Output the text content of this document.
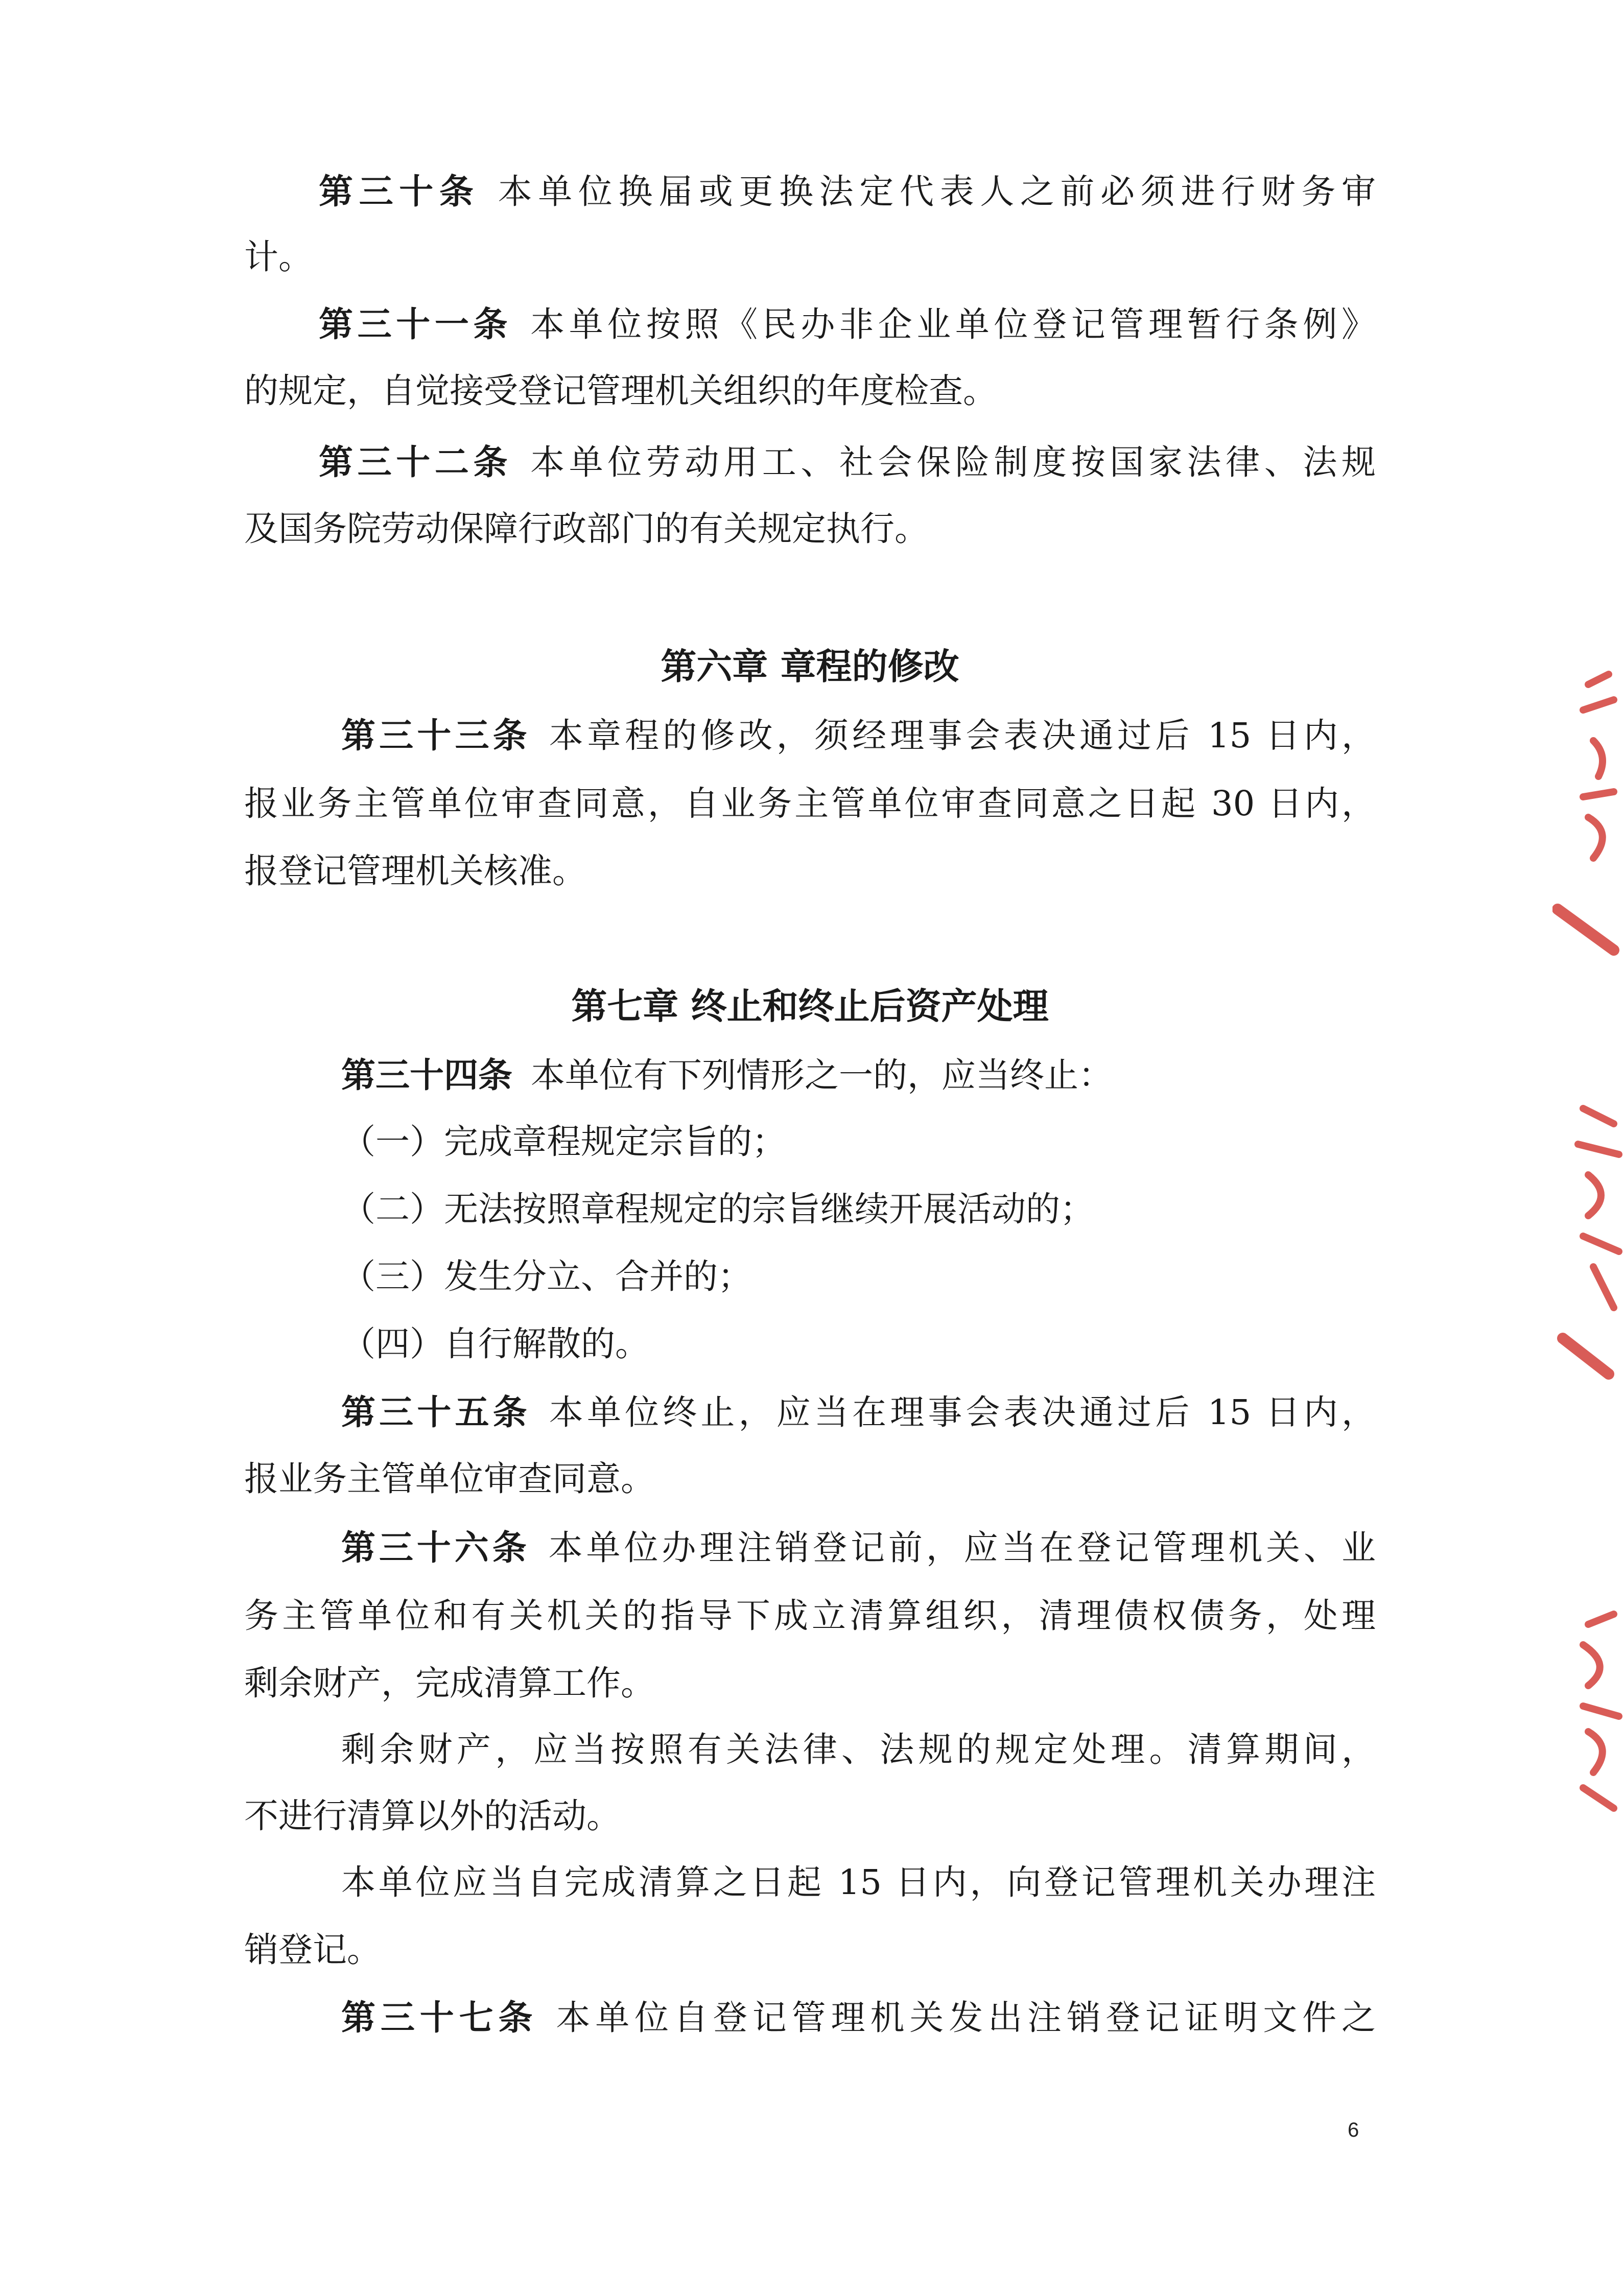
第三十条 本单位换届或更换法定代表人之前必须进行财务审
计。
第三十一条 本单位按照《民办非企业单位登记管理暂行条例》
的规定，自觉接受登记管理机关组织的年度检查。
第三十二条 本单位劳动用工、社会保险制度按国家法律、法规
及国务院劳动保障行政部门的有关规定执行。
第六章 章程的修改
第三十三条 本章程的修改，须经理事会表决通过后 15 日内，
报业务主管单位审查同意，自业务主管单位审查同意之日起 30 日内，
报登记管理机关核准。
第七章 终止和终止后资产处理
第三十四条 本单位有下列情形之一的，应当终止：
（一）完成章程规定宗旨的；
（二）无法按照章程规定的宗旨继续开展活动的；
（三）发生分立、合并的；
（四）自行解散的。
第三十五条 本单位终止，应当在理事会表决通过后 15 日内，
报业务主管单位审查同意。
第三十六条 本单位办理注销登记前，应当在登记管理机关、业
务主管单位和有关机关的指导下成立清算组织，清理债权债务，处理
剩余财产，完成清算工作。
剩余财产，应当按照有关法律、法规的规定处理。清算期间，
不进行清算以外的活动。
本单位应当自完成清算之日起 15 日内，向登记管理机关办理注
销登记。
第三十七条 本单位自登记管理机关发出注销登记证明文件之
6
